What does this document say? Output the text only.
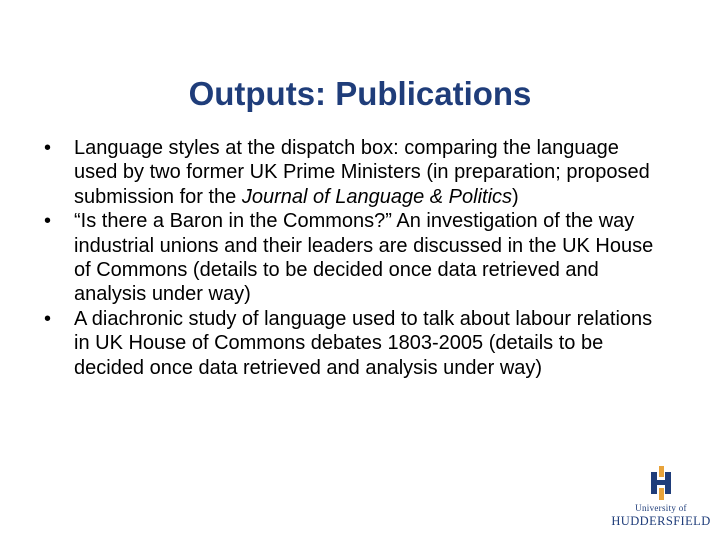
Outputs: Publications
•	Language styles at the dispatch box: comparing the language used by two former UK Prime Ministers (in preparation; proposed submission for the Journal of Language & Politics)
•	“Is there a Baron in the Commons?” An investigation of the way industrial unions and their leaders are discussed in the UK House of Commons (details to be decided once data retrieved and analysis under way)
•	A diachronic study of language used to talk about labour relations in UK House of Commons debates 1803-2005 (details to be decided once data retrieved and analysis under way)
University of
HUDDERSFIELD
